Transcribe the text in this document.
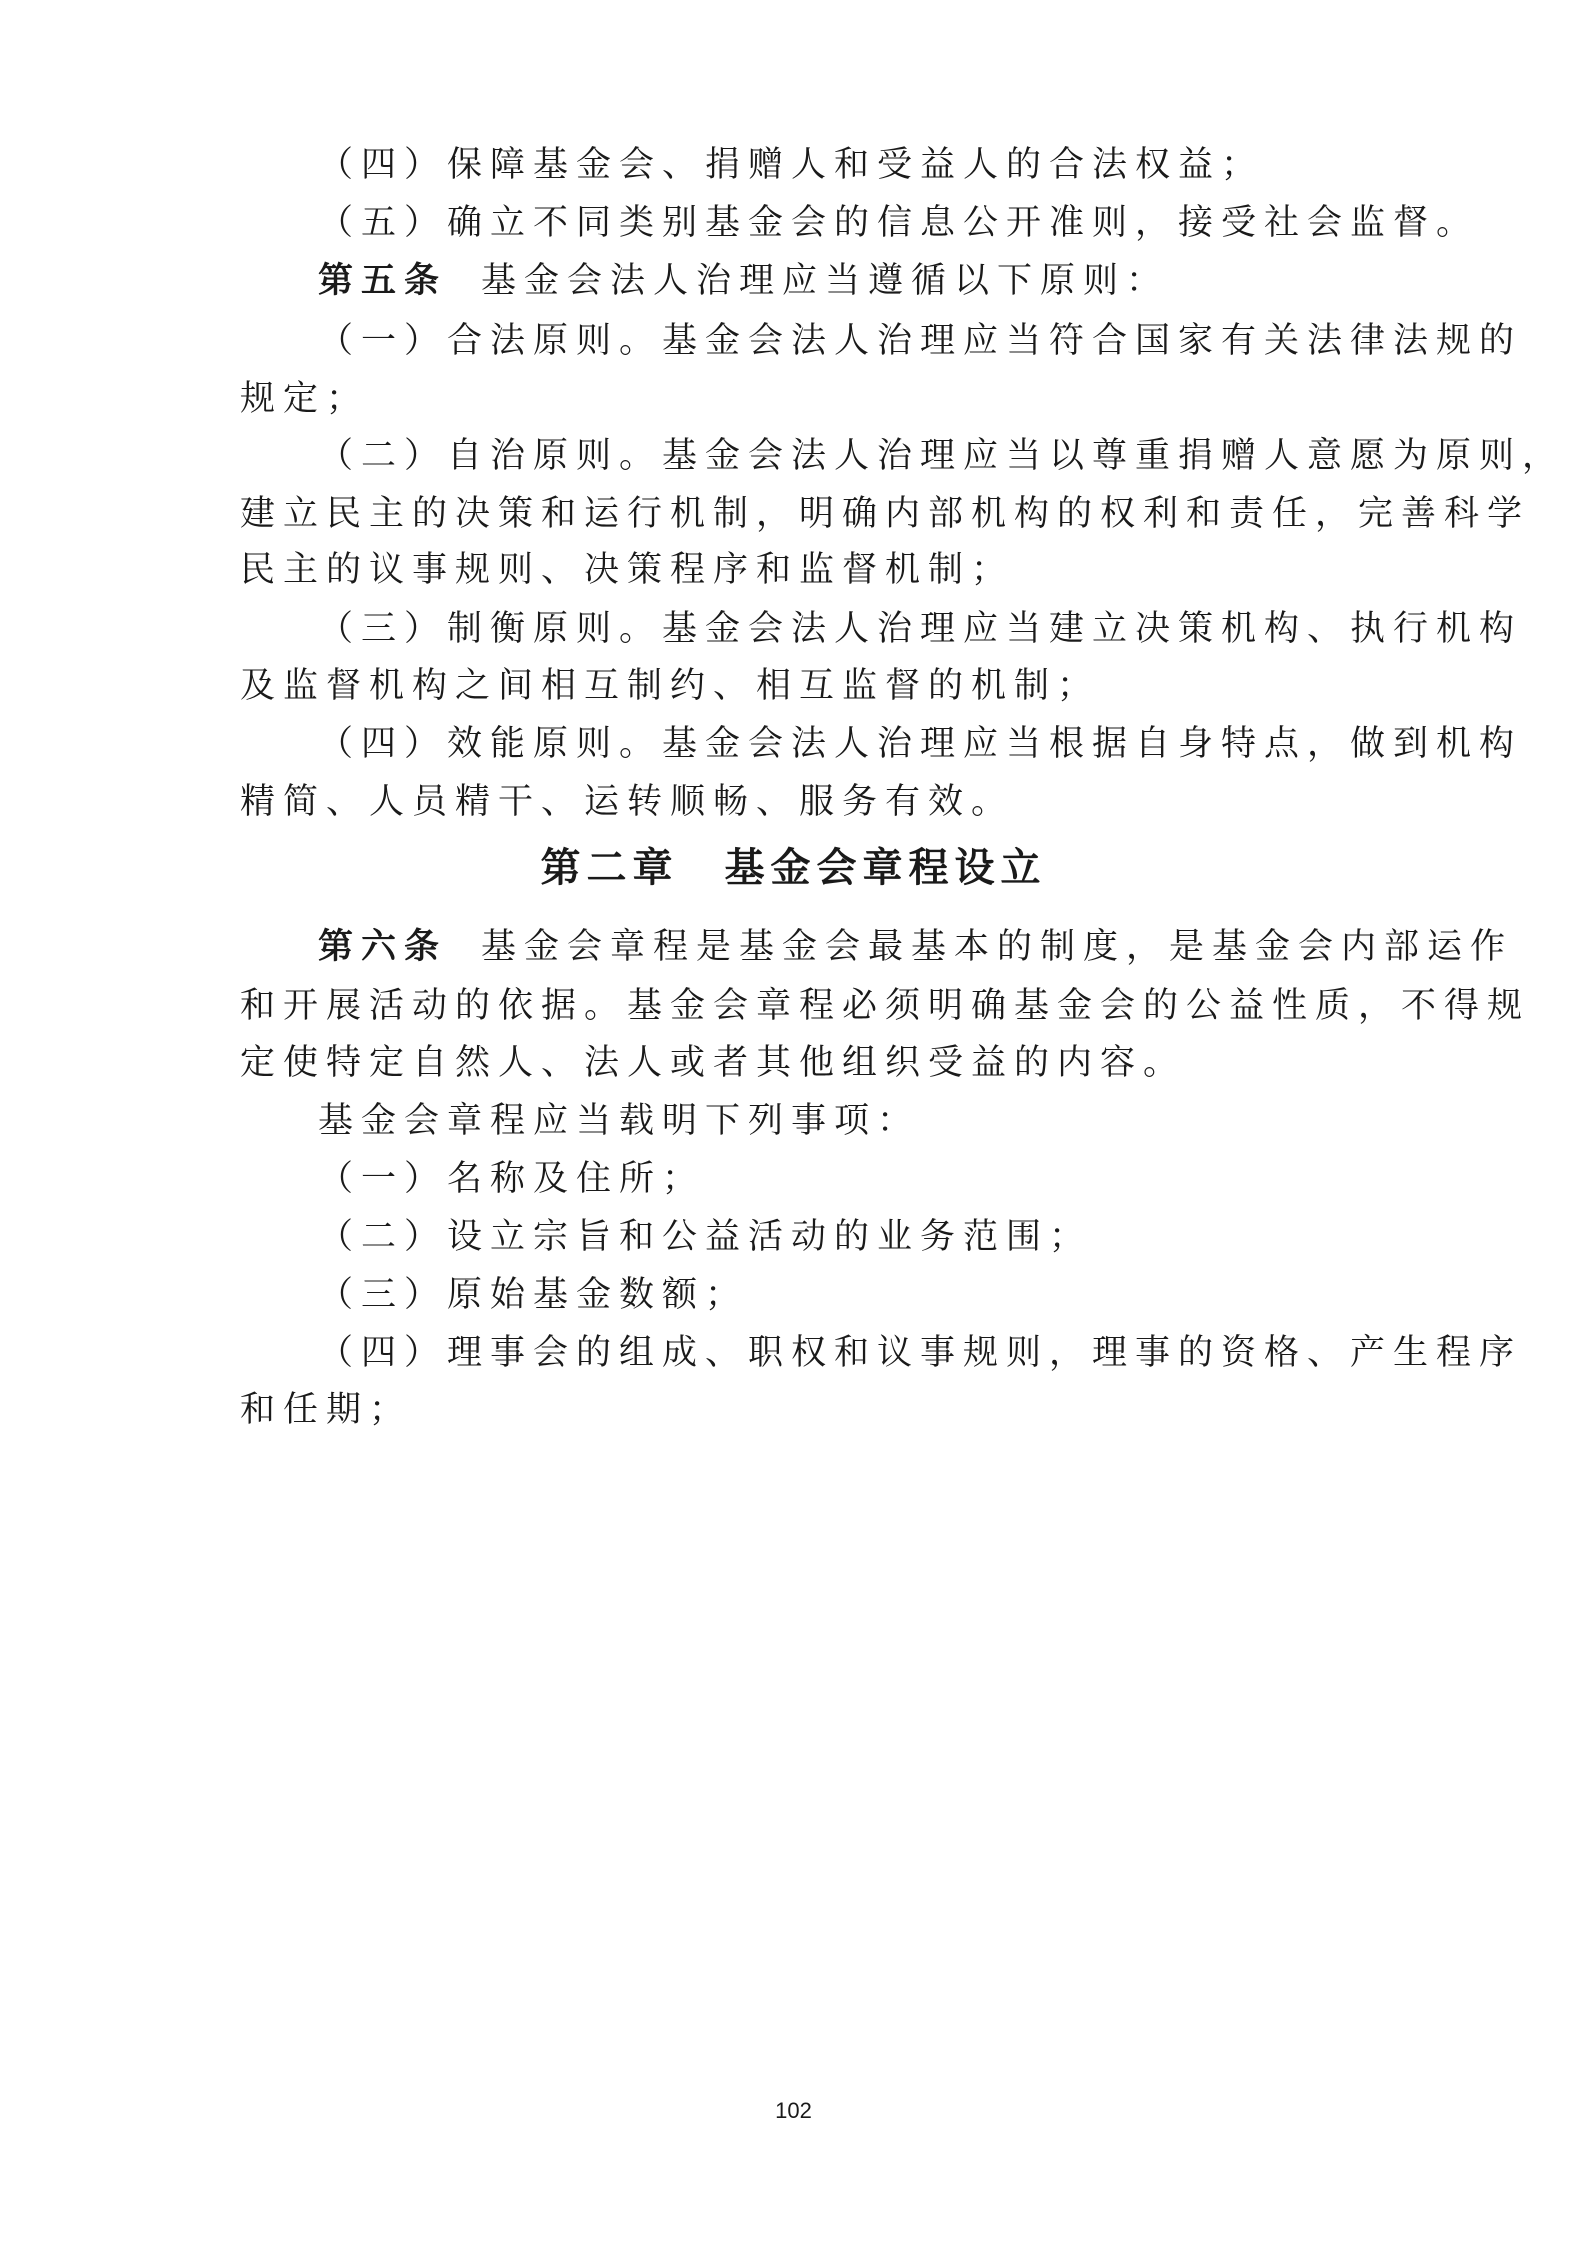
（四）保障基金会、捐赠人和受益人的合法权益；

（五）确立不同类别基金会的信息公开准则，接受社会监督。

第五条 基金会法人治理应当遵循以下原则：

（一）合法原则。基金会法人治理应当符合国家有关法律法规的

规定；

（二）自治原则。基金会法人治理应当以尊重捐赠人意愿为原则，

建立民主的决策和运行机制，明确内部机构的权利和责任，完善科学

民主的议事规则、决策程序和监督机制；

（三）制衡原则。基金会法人治理应当建立决策机构、执行机构

及监督机构之间相互制约、相互监督的机制；

（四）效能原则。基金会法人治理应当根据自身特点，做到机构

精简、人员精干、运转顺畅、服务有效。

第二章　基金会章程设立

第六条 基金会章程是基金会最基本的制度，是基金会内部运作

和开展活动的依据。基金会章程必须明确基金会的公益性质，不得规

定使特定自然人、法人或者其他组织受益的内容。

基金会章程应当载明下列事项：

（一）名称及住所；

（二）设立宗旨和公益活动的业务范围；

（三）原始基金数额；

（四）理事会的组成、职权和议事规则，理事的资格、产生程序

和任期；

102
